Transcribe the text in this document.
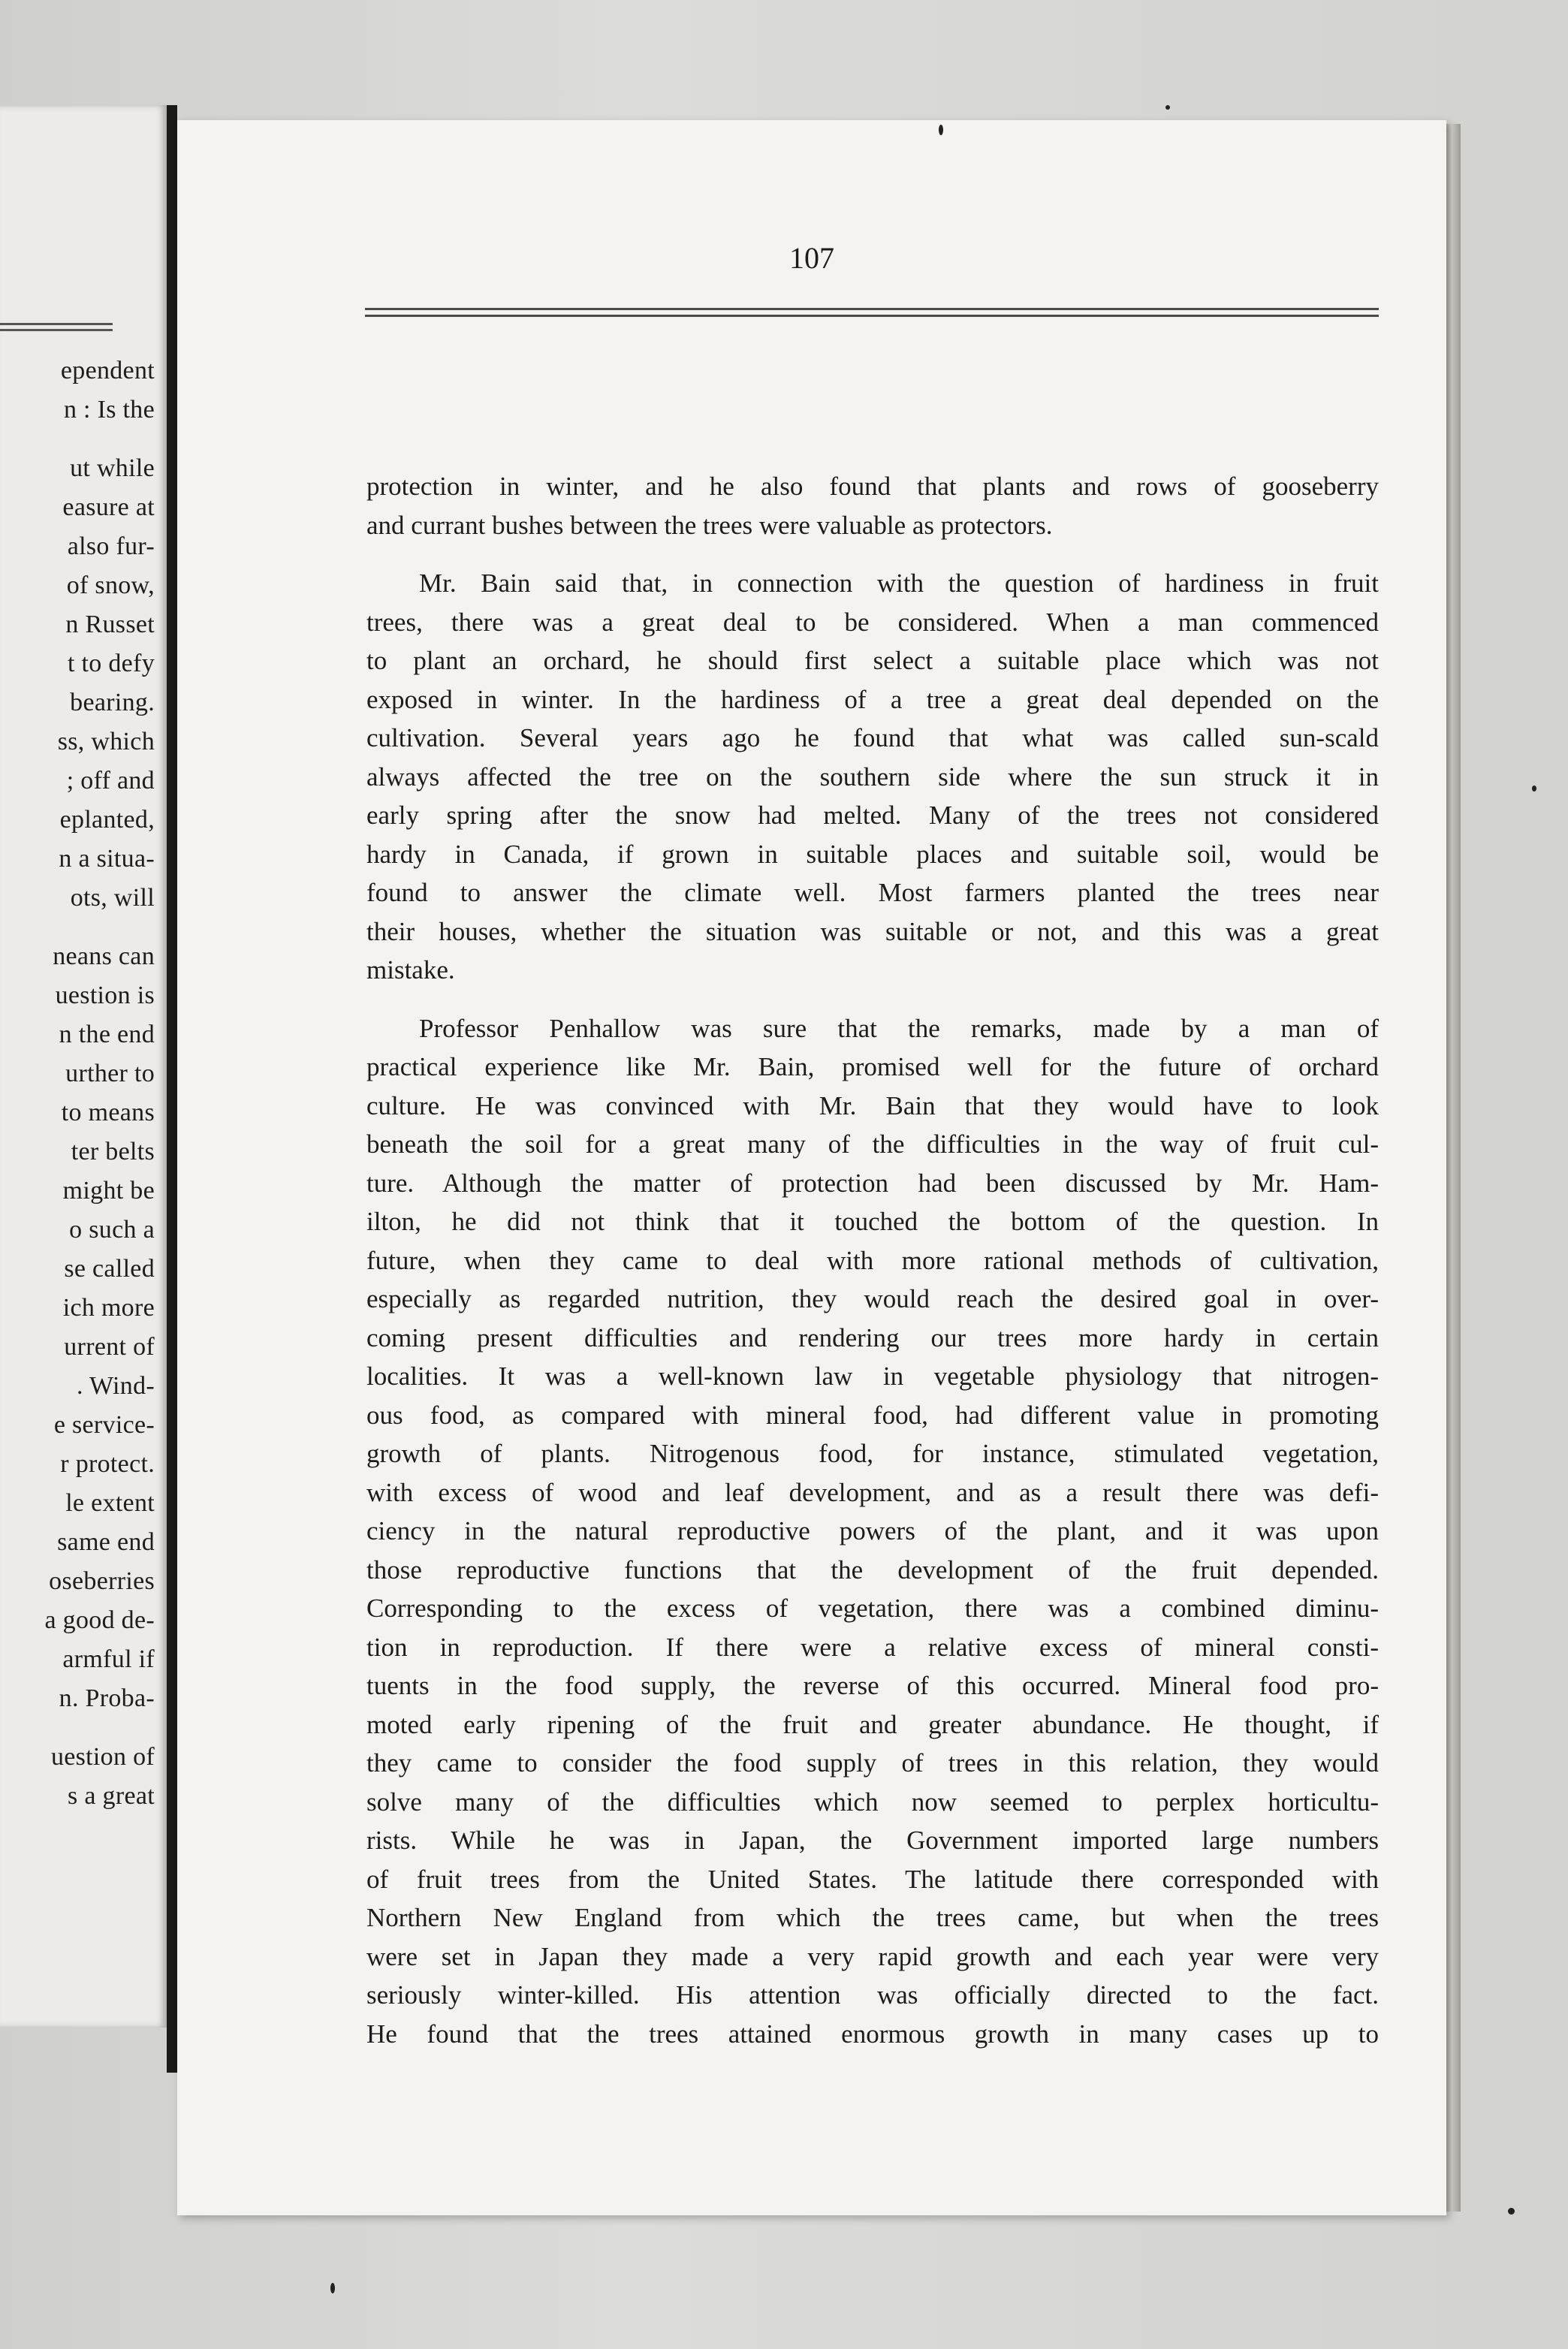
ependent
n : Is the
ut while
easure at
also fur-
of snow,
n Russet
t to defy
bearing.
ss, which
; off and
eplanted,
n a situa-
ots, will
neans can
uestion is
n the end
urther to
to means
ter belts
might be
o such a
se called
ich more
urrent of
. Wind-
e service-
r protect.
le extent
same end
oseberries
a good de-
armful if
n. Proba-
uestion of
s a great
107
protection in winter, and he also found that plants and rows of gooseberry
and currant bushes between the trees were valuable as protectors.
Mr. Bain said that, in connection with the question of hardiness in fruit
trees, there was a great deal to be considered. When a man commenced
to plant an orchard, he should first select a suitable place which was not
exposed in winter. In the hardiness of a tree a great deal depended on the
cultivation. Several years ago he found that what was called sun-scald
always affected the tree on the southern side where the sun struck it in
early spring after the snow had melted. Many of the trees not considered
hardy in Canada, if grown in suitable places and suitable soil, would be
found to answer the climate well. Most farmers planted the trees near
their houses, whether the situation was suitable or not, and this was a great
mistake.
Professor Penhallow was sure that the remarks, made by a man of
practical experience like Mr. Bain, promised well for the future of orchard
culture. He was convinced with Mr. Bain that they would have to look
beneath the soil for a great many of the difficulties in the way of fruit cul-
ture. Although the matter of protection had been discussed by Mr. Ham-
ilton, he did not think that it touched the bottom of the question. In
future, when they came to deal with more rational methods of cultivation,
especially as regarded nutrition, they would reach the desired goal in over-
coming present difficulties and rendering our trees more hardy in certain
localities. It was a well-known law in vegetable physiology that nitrogen-
ous food, as compared with mineral food, had different value in promoting
growth of plants. Nitrogenous food, for instance, stimulated vegetation,
with excess of wood and leaf development, and as a result there was defi-
ciency in the natural reproductive powers of the plant, and it was upon
those reproductive functions that the development of the fruit depended.
Corresponding to the excess of vegetation, there was a combined diminu-
tion in reproduction. If there were a relative excess of mineral consti-
tuents in the food supply, the reverse of this occurred. Mineral food pro-
moted early ripening of the fruit and greater abundance. He thought, if
they came to consider the food supply of trees in this relation, they would
solve many of the difficulties which now seemed to perplex horticultu-
rists. While he was in Japan, the Government imported large numbers
of fruit trees from the United States. The latitude there corresponded with
Northern New England from which the trees came, but when the trees
were set in Japan they made a very rapid growth and each year were very
seriously winter-killed. His attention was officially directed to the fact.
He found that the trees attained enormous growth in many cases up to
